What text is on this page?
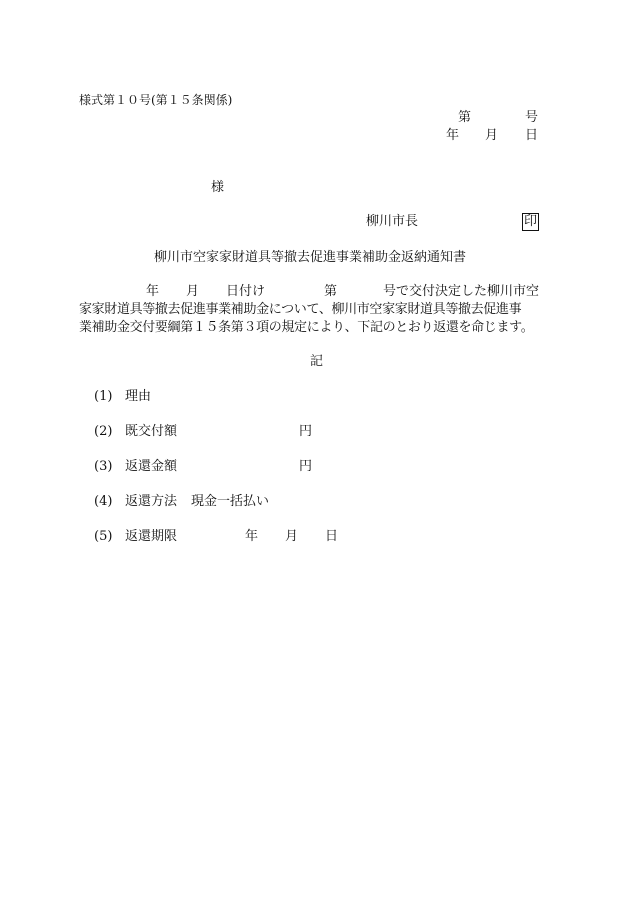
様式第１０号(第１５条関係)
第	号
年 月 日
様
柳川市長	印
柳川市空家家財道具等撤去促進事業補助金返納通知書
年 月 日付け	第	号で交付決定した柳川市空
家家財道具等撤去促進事業補助金について、柳川市空家家財道具等撤去促進事
業補助金交付要綱第１５条第３項の規定により、下記のとおり返還を命じます。
記
(1) 理由
(2) 既交付額	円
(3) 返還金額	円
(4) 返還方法 現金一括払い
(5) 返還期限	年 月 日
